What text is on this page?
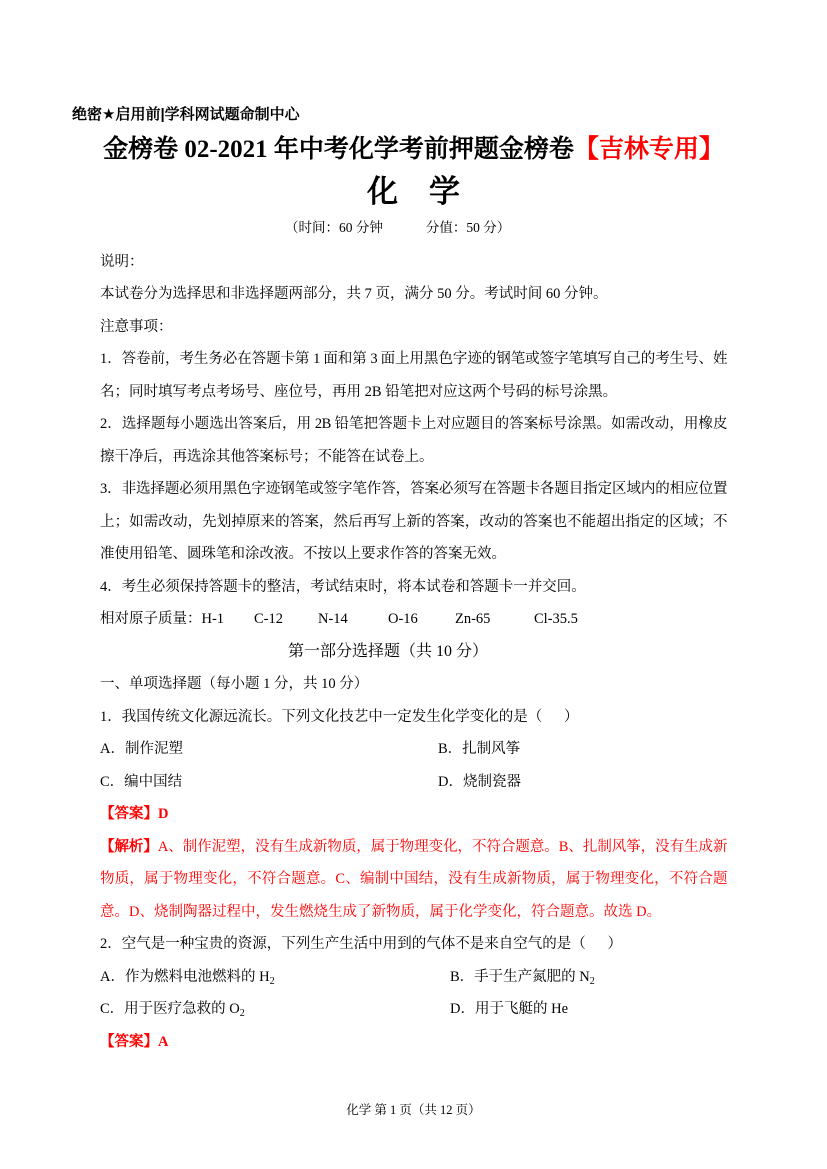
绝密★启用前|学科网试题命制中心
金榜卷 02-2021 年中考化学考前押题金榜卷【吉林专用】
化    学
（时间：60 分钟	分值：50 分）
说明：
本试卷分为选择思和非选择题两部分，共 7 页，满分 50 分。考试时间 60 分钟。
注意事项：
1．答卷前，考生务必在答题卡第 1 面和第 3 面上用黑色字迹的钢笔或签字笔填写自己的考生号、姓
名；同时填写考点考场号、座位号，再用 2B 铅笔把对应这两个号码的标号涂黑。
2．选择题每小题选出答案后，用 2B 铅笔把答题卡上对应题目的答案标号涂黑。如需改动，用橡皮
擦干净后，再选涂其他答案标号；不能答在试卷上。
3．非选择题必须用黑色字迹钢笔或签字笔作答，答案必须写在答题卡各题目指定区域内的相应位置
上；如需改动，先划掉原来的答案，然后再写上新的答案，改动的答案也不能超出指定的区域；不
准使用铅笔、圆珠笔和涂改液。不按以上要求作答的答案无效。
4．考生必须保持答题卡的整洁，考试结束时，将本试卷和答题卡一并交回。
相对原子质量：H-1 C-12 N-14	O-16	Zn-65	Cl-35.5
第一部分选择题（共 10 分）
一、单项选择题（每小题 1 分，共 10 分）
1．我国传统文化源远流长。下列文化技艺中一定发生化学变化的是（      ）
A．制作泥塑	B．扎制风筝
C．编中国结	D．烧制瓷器
【答案】D
【解析】A、制作泥塑，没有生成新物质，属于物理变化，不符合题意。B、扎制风筝，没有生成新
物质，属于物理变化，不符合题意。C、编制中国结，没有生成新物质，属于物理变化，不符合题
意。D、烧制陶器过程中，发生燃烧生成了新物质，属于化学变化，符合题意。故选 D。
2．空气是一种宝贵的资源，下列生产生活中用到的气体不是来自空气的是（      ）
A．作为燃料电池燃料的 $H_2$	B．手于生产氮肥的 $N_2$
C．用于医疗急救的 $O_2$	D．用于飞艇的 He
【答案】A
化学 第 1 页（共 12 页）
